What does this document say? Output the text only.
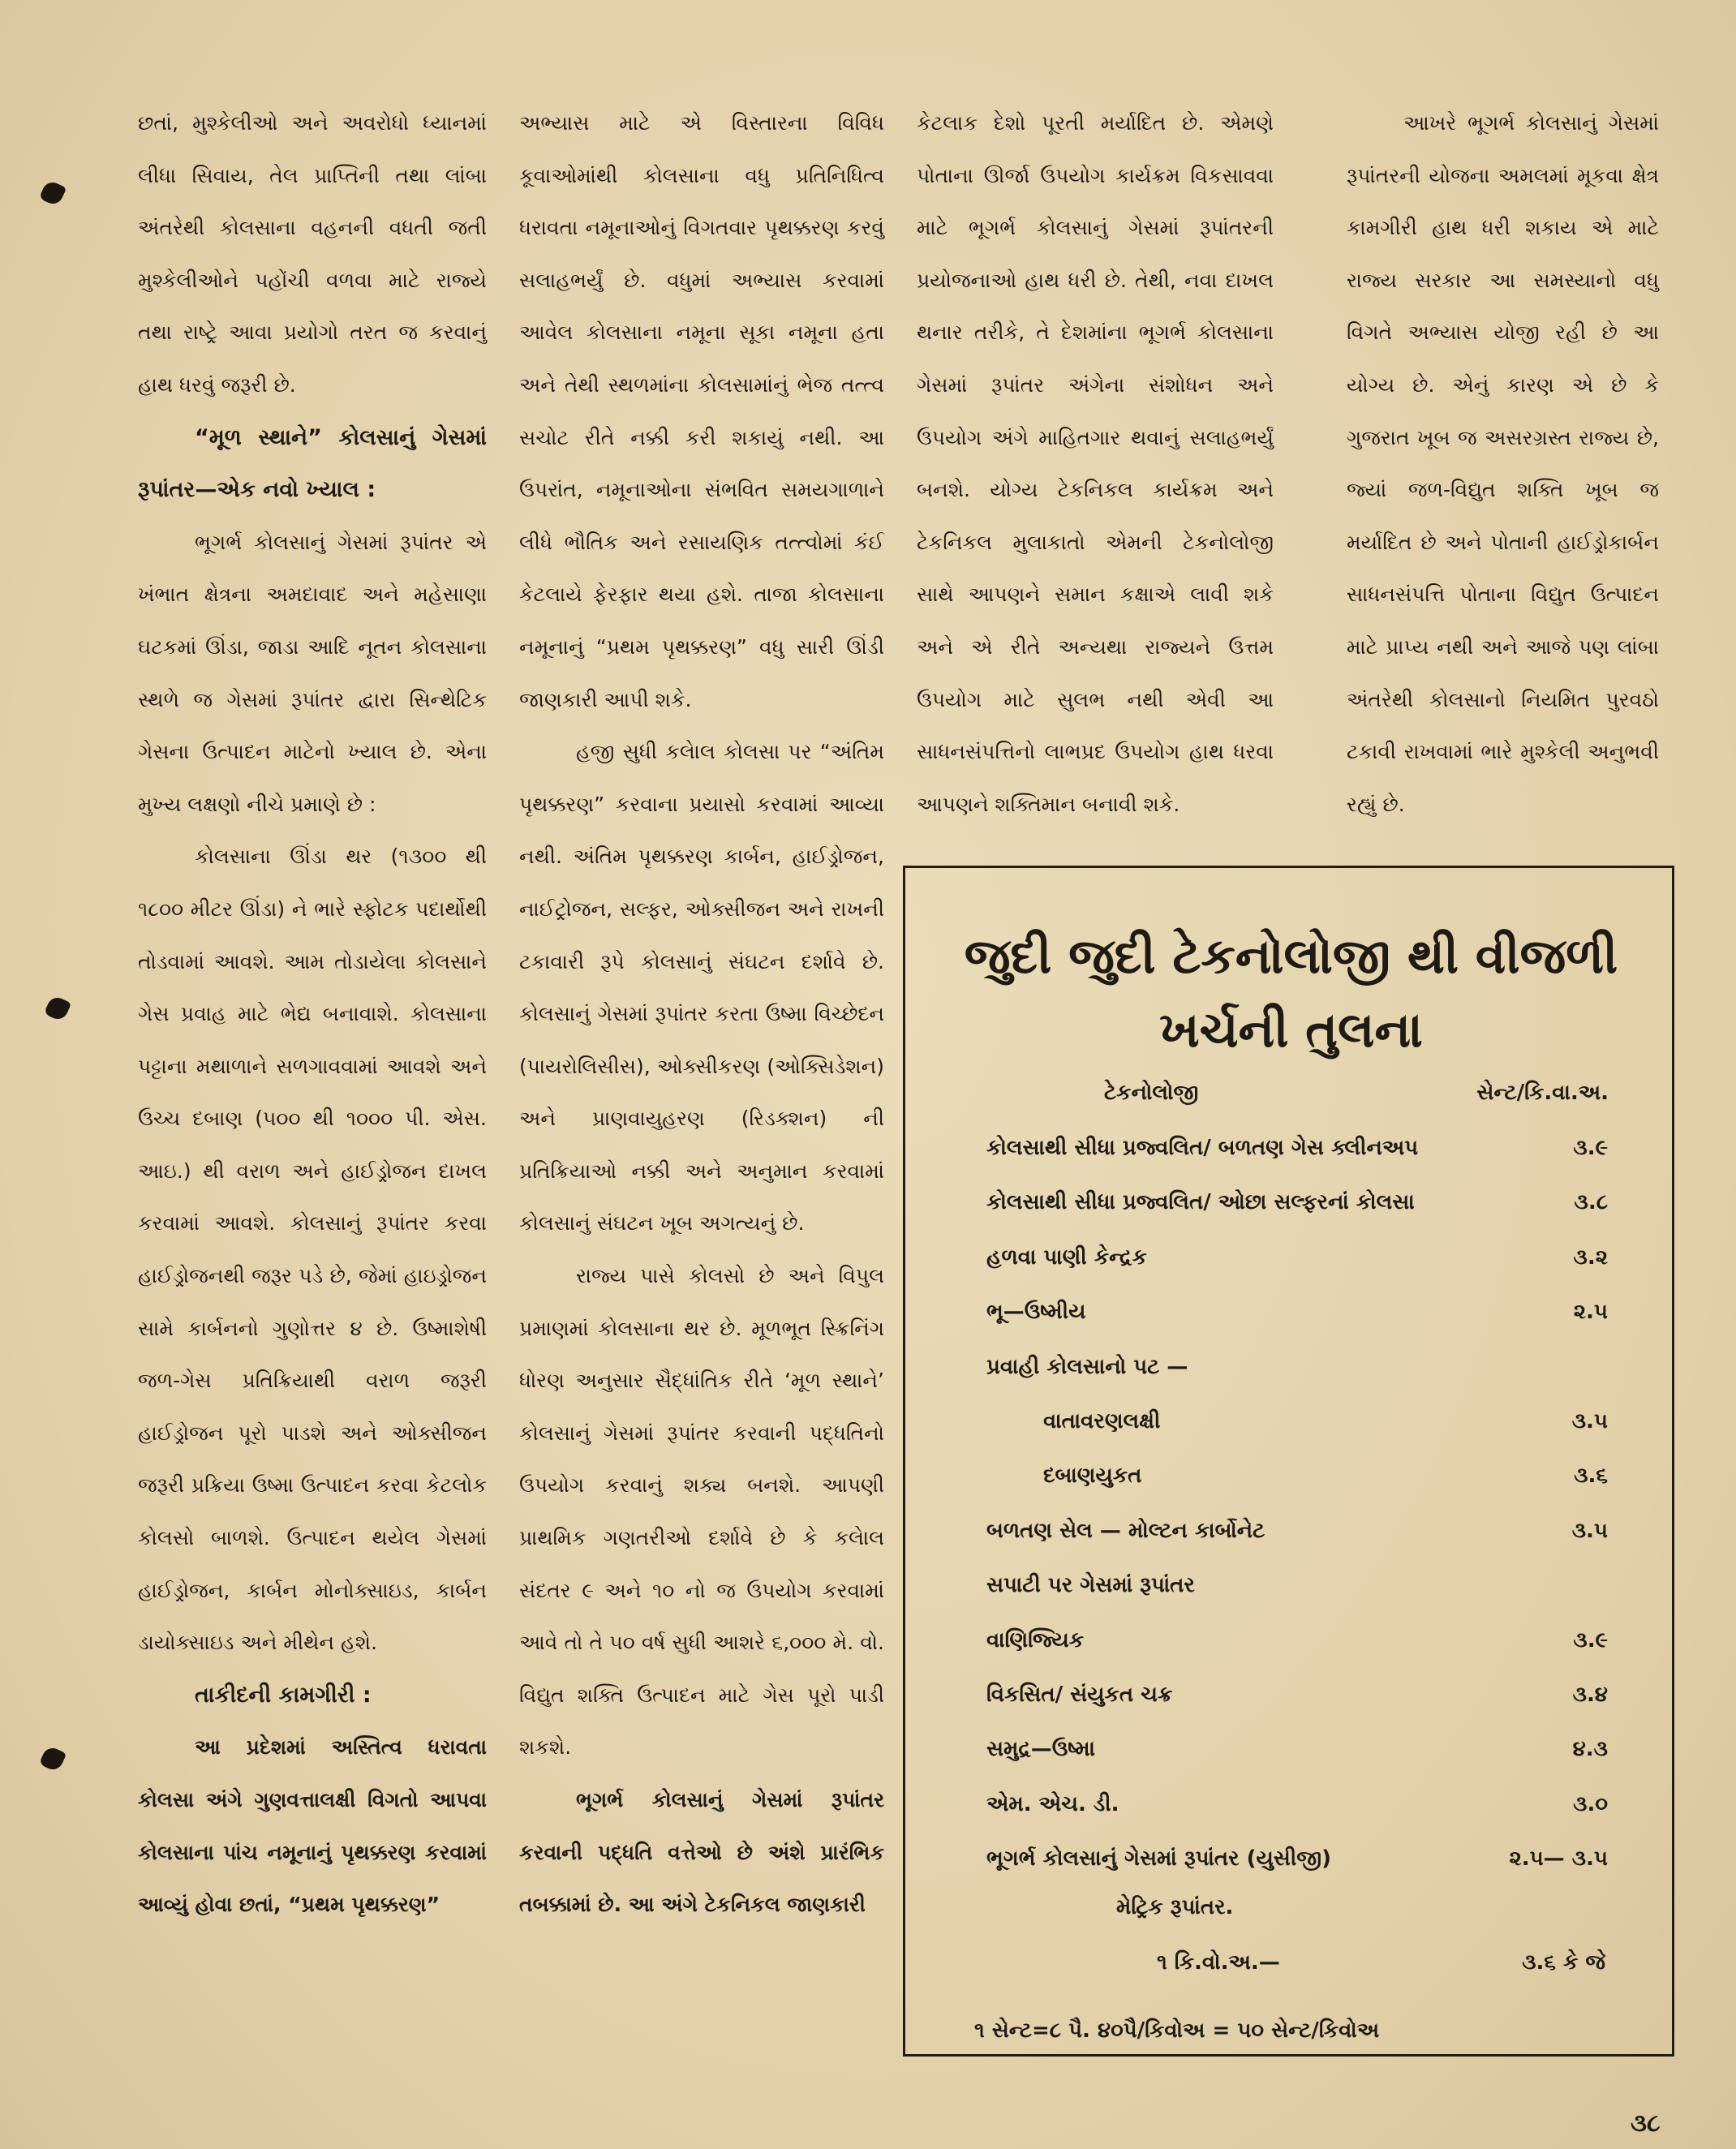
છતાં, મુશ્કેલીઓ અને અવરોધો ધ્યાનમાં લીધા સિવાય, તેલ પ્રાપ્તિની તથા લાંબા અંતરેથી કોલસાના વહનની વધતી જતી મુશ્કેલીઓને પહોંચી વળવા માટે રાજ્યે તથા રાષ્ટ્રે આવા પ્રયોગો તરત જ કરવાનું હાથ ધરવું જરૂરી છે.

“મૂળ સ્થાને” કોલસાનું ગેસમાં રૂપાંતર—એક નવો ખ્યાલ :

ભૂગર્ભ કોલસાનું ગેસમાં રૂપાંતર એ ખંભાત ક્ષેત્રના અમદાવાદ અને મહેસાણા ઘટકમાં ઊંડા, જાડા આદિ નૂતન કોલસાના સ્થળે જ ગેસમાં રૂપાંતર દ્વારા સિન્થેટિક ગેસના ઉત્પાદન માટેનો ખ્યાલ છે. એના મુખ્ય લક્ષણો નીચે પ્રમાણે છે :

કોલસાના ઊંડા થર (૧૩૦૦ થી ૧૮૦૦ મીટર ઊંડા) ને ભારે સ્ફોટક પદાર્થોથી તોડવામાં આવશે. આમ તોડાયેલા કોલસાને ગેસ પ્રવાહ માટે ભેદ્ય બનાવાશે. કોલસાના પટ્ટાના મથાળાને સળગાવવામાં આવશે અને ઉચ્ચ દબાણ (૫૦૦ થી ૧૦૦૦ પી. એસ. આઇ.) થી વરાળ અને હાઈડ્રોજન દાખલ કરવામાં આવશે. કોલસાનું રૂપાંતર કરવા હાઈડ્રોજનથી જરૂર પડે છે, જેમાં હાઇડ્રોજન સામે કાર્બનનો ગુણોત્તર ૪ છે. ઉષ્માશેષી જળ-ગેસ પ્રતિક્રિયાથી વરાળ જરૂરી હાઈડ્રોજન પૂરો પાડશે અને ઓક્સીજન જરૂરી પ્રક્રિયા ઉષ્મા ઉત્પાદન કરવા કેટલોક કોલસો બાળશે. ઉત્પાદન થયેલ ગેસમાં હાઈડ્રોજન, કાર્બન મોનોક્સાઇડ, કાર્બન ડાયોક્સાઇડ અને મીથેન હશે.

તાકીદની કામગીરી :

આ પ્રદેશમાં અસ્તિત્વ ધરાવતા કોલસા અંગે ગુણવત્તાલક્ષી વિગતો આપવા કોલસાના પાંચ નમૂનાનું પૃથક્કરણ કરવામાં આવ્યું હોવા છતાં, “પ્રથમ પૃથક્કરણ”

અભ્યાસ માટે એ વિસ્તારના વિવિધ કૂવાઓમાંથી કોલસાના વધુ પ્રતિનિધિત્વ ધરાવતા નમૂનાઓનું વિગતવાર પૃથક્કરણ કરવું સલાહભર્યું છે. વધુમાં અભ્યાસ કરવામાં આવેલ કોલસાના નમૂના સૂકા નમૂના હતા અને તેથી સ્થળમાંના કોલસામાંનું ભેજ તત્ત્વ સચોટ રીતે નક્કી કરી શકાયું નથી. આ ઉપરાંત, નમૂનાઓના સંભવિત સમયગાળાને લીધે ભૌતિક અને રસાયણિક તત્ત્વોમાં કંઈ કેટલાયે ફેરફાર થયા હશે. તાજા કોલસાના નમૂનાનું “પ્રથમ પૃથક્કરણ” વધુ સારી ઊંડી જાણકારી આપી શકે.

હજી સુધી કલેાલ કોલસા પર “અંતિમ પૃથક્કરણ” કરવાના પ્રયાસો કરવામાં આવ્યા નથી. અંતિમ પૃથક્કરણ કાર્બન, હાઈડ્રોજન, નાઈટ્રોજન, સલ્ફર, ઓક્સીજન અને રાખની ટકાવારી રૂપે કોલસાનું સંઘટન દર્શાવે છે. કોલસાનું ગેસમાં રૂપાંતર કરતા ઉષ્મા વિચ્છેદન (પાયરોલિસીસ), ઓક્સીકરણ (ઓક્સિડેશન) અને પ્રાણવાયુહરણ (રિડક્શન) ની પ્રતિક્રિયાઓ નક્કી અને અનુમાન કરવામાં કોલસાનું સંઘટન ખૂબ અગત્યનું છે.

રાજ્ય પાસે કોલસો છે અને વિપુલ પ્રમાણમાં કોલસાના થર છે. મૂળભૂત સ્ક્રિનિંગ ધોરણ અનુસાર સૈદ્ધાંતિક રીતે ‘મૂળ સ્થાને’ કોલસાનું ગેસમાં રૂપાંતર કરવાની પદ્ધતિનો ઉપયોગ કરવાનું શક્ય બનશે. આપણી પ્રાથમિક ગણતરીઓ દર્શાવે છે કે કલેાલ સંદતર ૯ અને ૧૦ નો જ ઉપયોગ કરવામાં આવે તો તે ૫૦ વર્ષ સુધી આશરે ૬,૦૦૦ મે. વો. વિદ્યુત શક્તિ ઉત્પાદન માટે ગેસ પૂરો પાડી શકશે.

ભૂગર્ભ કોલસાનું ગેસમાં રૂપાંતર કરવાની પદ્ધતિ વત્તેઓ છે અંશે પ્રારંભિક તબક્કામાં છે. આ અંગે ટેકનિકલ જાણકારી

કેટલાક દેશો પૂરતી મર્યાદિત છે. એમણે પોતાના ઊર્જા ઉપયોગ કાર્યક્રમ વિકસાવવા માટે ભૂગર્ભ કોલસાનું ગેસમાં રૂપાંતરની પ્રયોજનાઓ હાથ ધરી છે. તેથી, નવા દાખલ થનાર તરીકે, તે દેશમાંના ભૂગર્ભ કોલસાના ગેસમાં રૂપાંતર અંગેના સંશોધન અને ઉપયોગ અંગે માહિતગાર થવાનું સલાહભર્યું બનશે. યોગ્ય ટેકનિકલ કાર્યક્રમ અને ટેકનિકલ મુલાકાતો એમની ટેકનોલોજી સાથે આપણને સમાન કક્ષાએ લાવી શકે અને એ રીતે અન્યથા રાજ્યને ઉત્તમ ઉપયોગ માટે સુલભ નથી એવી આ સાધનસંપત્તિનો લાભપ્રદ ઉપયોગ હાથ ધરવા આપણને શક્તિમાન બનાવી શકે.

આખરે ભૂગર્ભ કોલસાનું ગેસમાં રૂપાંતરની યોજના અમલમાં મૂકવા ક્ષેત્ર કામગીરી હાથ ધરી શકાય એ માટે રાજ્ય સરકાર આ સમસ્યાનો વધુ વિગતે અભ્યાસ યોજી રહી છે આ યોગ્ય છે. એનું કારણ એ છે કે ગુજરાત ખૂબ જ અસરગ્રસ્ત રાજ્ય છે, જ્યાં જળ-વિદ્યુત શક્તિ ખૂબ જ મર્યાદિત છે અને પોતાની હાઈડ્રોકાર્બન સાધનસંપત્તિ પોતાના વિદ્યુત ઉત્પાદન માટે પ્રાપ્ય નથી અને આજે પણ લાંબા અંતરેથી કોલસાનો નિયમિત પુરવઠો ટકાવી રાખવામાં ભારે મુશ્કેલી અનુભવી રહ્યું છે.

જુદી જુદી ટેકનોલોજી થી વીજળી
ખર્ચની તુલના
ટેકનોલોજી	સેન્ટ/કિ.વા.અ.
કોલસાથી સીધા પ્રજ્વલિત/ બળતણ ગેસ ક્લીનઅપ	૩.૯
કોલસાથી સીધા પ્રજ્વલિત/ ઓછા સલ્ફરનાં કોલસા	૩.૮
હળવા પાણી કેન્દ્રક	૩.૨
ભૂ—ઉષ્મીય	૨.૫
પ્રવાહી કોલસાનો પટ —
વાતાવરણલક્ષી	૩.૫
દબાણયુકત	૩.૬
બળતણ સેલ — મોલ્ટન કાર્બોનેટ	૩.૫
સપાટી પર ગેસમાં રૂપાંતર
વાણિજ્યિક	૩.૯
વિકસિત/ સંયુકત ચક્ર	૩.૪
સમુદ્ર—ઉષ્મા	૪.૩
એમ. એચ. ડી.	૩.૦
ભૂગર્ભ કોલસાનું ગેસમાં રૂપાંતર (યુસીજી)	૨.૫— ૩.૫
મેટ્રિક રૂપાંતર.
૧ કિ.વો.અ.—	૩.૬ કે જે
૧ સેન્ટ=૮ પૈ. ૪૦પૈ/કિવોઅ = ૫૦ સેન્ટ/કિવોઅ
૩૮
